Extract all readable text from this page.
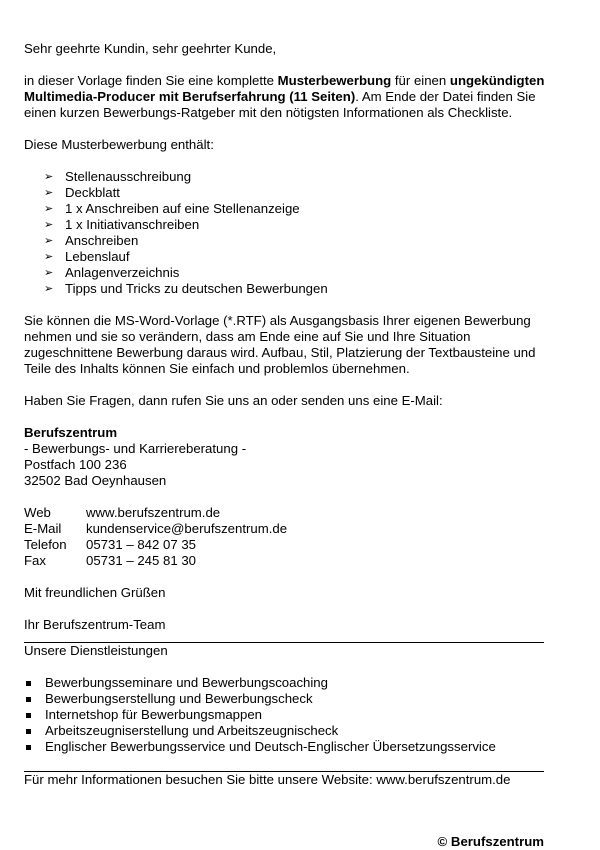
Sehr geehrte Kundin, sehr geehrter Kunde,

in dieser Vorlage finden Sie eine komplette Musterbewerbung für einen ungekündigten Multimedia-Producer mit Berufserfahrung (11 Seiten). Am Ende der Datei finden Sie einen kurzen Bewerbungs-Ratgeber mit den nötigsten Informationen als Checkliste.

Diese Musterbewerbung enthält:

➢ Stellenausschreibung
➢ Deckblatt
➢ 1 x Anschreiben auf eine Stellenanzeige
➢ 1 x Initiativanschreiben
➢ Anschreiben
➢ Lebenslauf
➢ Anlagenverzeichnis
➢ Tipps und Tricks zu deutschen Bewerbungen

Sie können die MS-Word-Vorlage (*.RTF) als Ausgangsbasis Ihrer eigenen Bewerbung nehmen und sie so verändern, dass am Ende eine auf Sie und Ihre Situation zugeschnittene Bewerbung daraus wird. Aufbau, Stil, Platzierung der Textbausteine und Teile des Inhalts können Sie einfach und problemlos übernehmen.

Haben Sie Fragen, dann rufen Sie uns an oder senden uns eine E-Mail:

Berufszentrum

- Bewerbungs- und Karriereberatung -

Postfach 100 236

32502 Bad Oeynhausen

Web	www.berufszentrum.de
E-Mail	kundenservice@berufszentrum.de
Telefon	05731 – 842 07 35
Fax	05731 – 245 81 30

Mit freundlichen Grüßen

Ihr Berufszentrum-Team

Unsere Dienstleistungen

Bewerbungsseminare und Bewerbungscoaching
Bewerbungserstellung und Bewerbungscheck
Internetshop für Bewerbungsmappen
Arbeitszeugniserstellung und Arbeitszeugnischeck
Englischer Bewerbungsservice und Deutsch-Englischer Übersetzungsservice

Für mehr Informationen besuchen Sie bitte unsere Website: www.berufszentrum.de

© Berufszentrum
